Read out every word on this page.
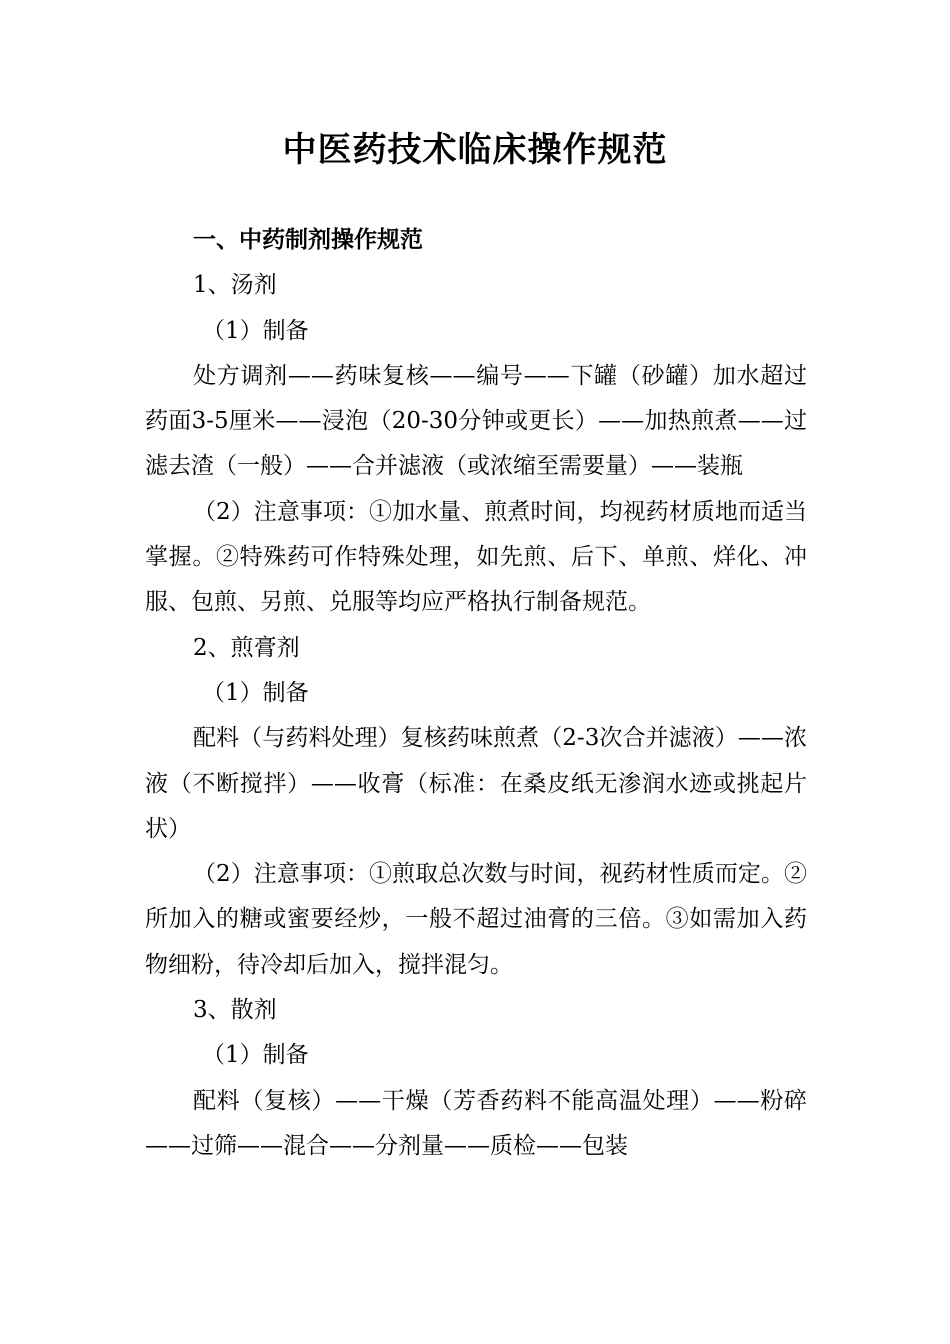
中医药技术临床操作规范

一、中药制剂操作规范

1、汤剂

（1）制备

处方调剂——药味复核——编号——下罐（砂罐）加水超过药面3-5厘米——浸泡（20-30分钟或更长）——加热煎煮——过滤去渣（一般）——合并滤液（或浓缩至需要量）——装瓶

（2）注意事项：①加水量、煎煮时间，均视药材质地而适当掌握。②特殊药可作特殊处理，如先煎、后下、单煎、烊化、冲服、包煎、另煎、兑服等均应严格执行制备规范。

2、煎膏剂

（1）制备

配料（与药料处理）复核药味煎煮（2-3次合并滤液）——浓液（不断搅拌）——收膏（标准：在桑皮纸无渗润水迹或挑起片状）

（2）注意事项：①煎取总次数与时间，视药材性质而定。②所加入的糖或蜜要经炒，一般不超过油膏的三倍。③如需加入药物细粉，待冷却后加入，搅拌混匀。

3、散剂

（1）制备

配料（复核）——干燥（芳香药料不能高温处理）——粉碎——过筛——混合——分剂量——质检——包装
